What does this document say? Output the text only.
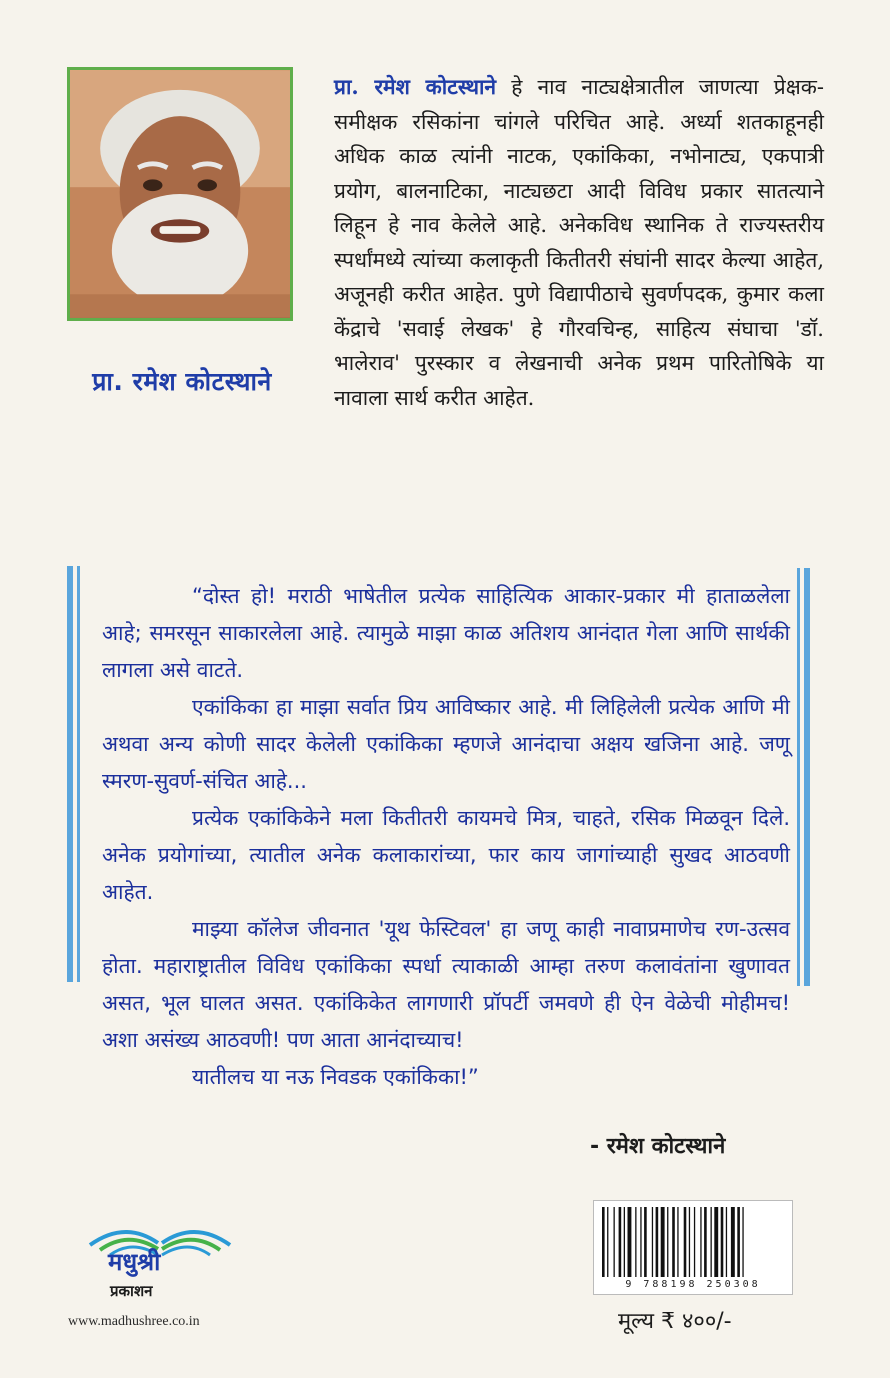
प्रा. रमेश कोटस्थाने
प्रा. रमेश कोटस्थाने हे नाव नाट्यक्षेत्रातील जाणत्या प्रेक्षक-समीक्षक रसिकांना चांगले परिचित आहे. अर्ध्या शतकाहूनही अधिक काळ त्यांनी नाटक, एकांकिका, नभोनाट्य, एकपात्री प्रयोग, बालनाटिका, नाट्यछटा आदी विविध प्रकार सातत्याने लिहून हे नाव केलेले आहे. अनेकविध स्थानिक ते राज्यस्तरीय स्पर्धांमध्ये त्यांच्या कलाकृती कितीतरी संघांनी सादर केल्या आहेत, अजूनही करीत आहेत. पुणे विद्यापीठाचे सुवर्णपदक, कुमार कला केंद्राचे 'सवाई लेखक' हे गौरवचिन्ह, साहित्य संघाचा 'डॉ. भालेराव' पुरस्कार व लेखनाची अनेक प्रथम पारितोषिके या नावाला सार्थ करीत आहेत.

“दोस्त हो! मराठी भाषेतील प्रत्येक साहित्यिक आकार-प्रकार मी हाताळलेला आहे; समरसून साकारलेला आहे. त्यामुळे माझा काळ अतिशय आनंदात गेला आणि सार्थकी लागला असे वाटते.

एकांकिका हा माझा सर्वात प्रिय आविष्कार आहे. मी लिहिलेली प्रत्येक आणि मी अथवा अन्य कोणी सादर केलेली एकांकिका म्हणजे आनंदाचा अक्षय खजिना आहे. जणू स्मरण-सुवर्ण-संचित आहे...

प्रत्येक एकांकिकेने मला कितीतरी कायमचे मित्र, चाहते, रसिक मिळवून दिले. अनेक प्रयोगांच्या, त्यातील अनेक कलाकारांच्या, फार काय जागांच्याही सुखद आठवणी आहेत.

माझ्या कॉलेज जीवनात 'यूथ फेस्टिवल' हा जणू काही नावाप्रमाणेच रण-उत्सव होता. महाराष्ट्रातील विविध एकांकिका स्पर्धा त्याकाळी आम्हा तरुण कलावंतांना खुणावत असत, भूल घालत असत. एकांकिकेत लागणारी प्रॉपर्टी जमवणे ही ऐन वेळेची मोहीमच! अशा असंख्य आठवणी! पण आता आनंदाच्याच!

यातीलच या नऊ निवडक एकांकिका!”

- रमेश कोटस्थाने
मधुश्री
प्रकाशन
www.madhushree.co.in
9 788198 250308
मूल्य ₹ ४००/-
